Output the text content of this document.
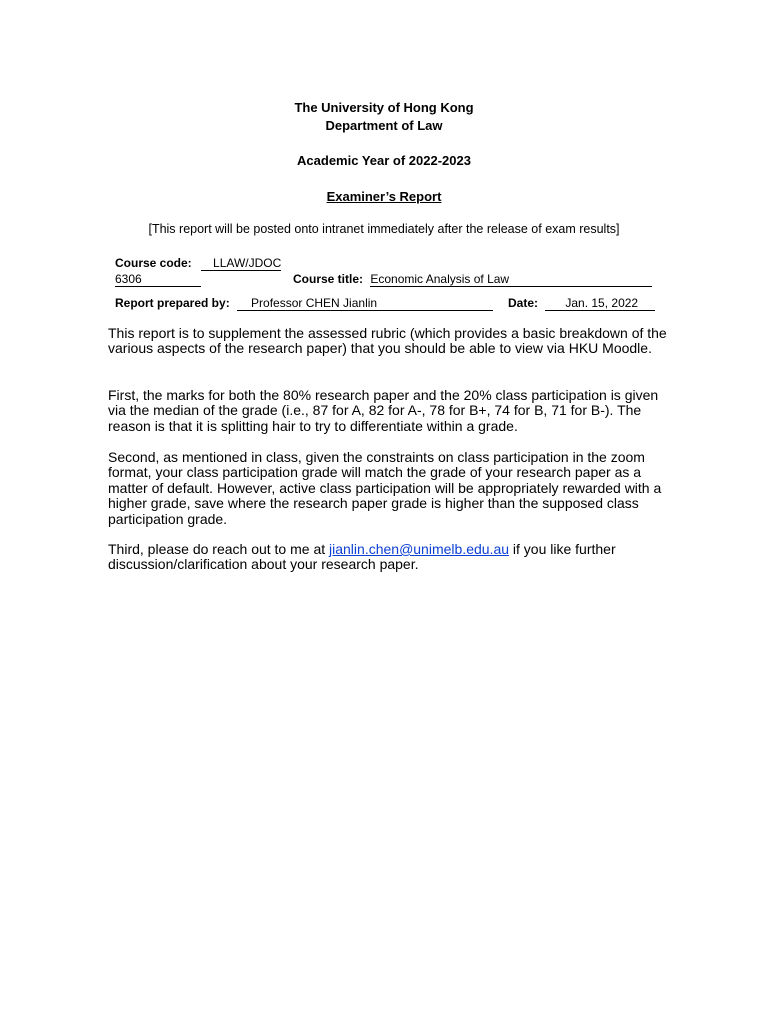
The University of Hong Kong
Department of Law
Academic Year of 2022-2023
Examiner’s Report
[This report will be posted onto intranet immediately after the release of exam results]
Course code: LLAW/JDOC
6306	Course title: Economic Analysis of Law
Report prepared by: Professor CHEN Jianlin	Date: Jan. 15, 2022

This report is to supplement the assessed rubric (which provides a basic breakdown of the various aspects of the research paper) that you should be able to view via HKU Moodle.

First, the marks for both the 80% research paper and the 20% class participation is given via the median of the grade (i.e., 87 for A, 82 for A-, 78 for B+, 74 for B, 71 for B-). The reason is that it is splitting hair to try to differentiate within a grade.

Second, as mentioned in class, given the constraints on class participation in the zoom format, your class participation grade will match the grade of your research paper as a matter of default. However, active class participation will be appropriately rewarded with a higher grade, save where the research paper grade is higher than the supposed class participation grade.

Third, please do reach out to me at jianlin.chen@unimelb.edu.au if you like further discussion/clarification about your research paper.
